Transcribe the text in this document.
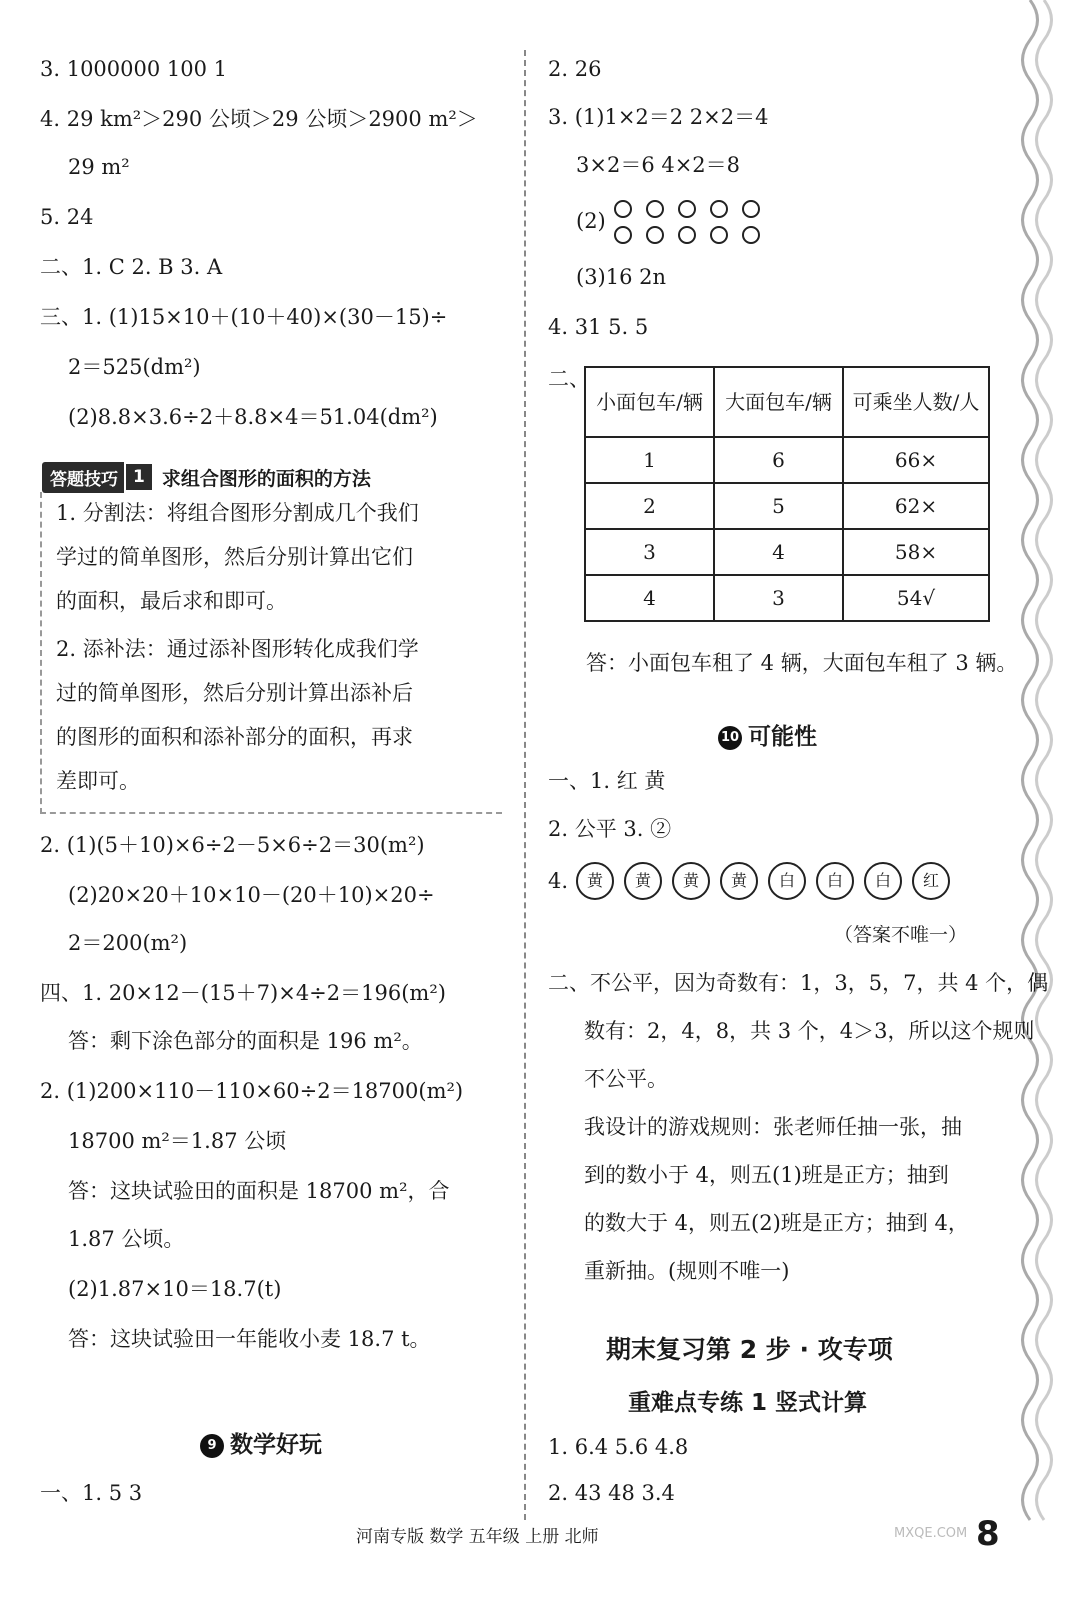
3. 1000000 100 1
4. 29 km²＞290 公顷＞29 公顷＞2900 m²＞
29 m²
5. 24
二、1. C 2. B 3. A
三、1. (1)15×10＋(10＋40)×(30－15)÷
2＝525(dm²)
(2)8.8×3.6÷2＋8.8×4＝51.04(dm²)
答题技巧 1 求组合图形的面积的方法
1. 分割法：将组合图形分割成几个我们
学过的简单图形，然后分别计算出它们
的面积，最后求和即可。
2. 添补法：通过添补图形转化成我们学
过的简单图形，然后分别计算出添补后
的图形的面积和添补部分的面积，再求
差即可。
2. (1)(5＋10)×6÷2－5×6÷2＝30(m²)
(2)20×20＋10×10－(20＋10)×20÷
2＝200(m²)
四、1. 20×12－(15＋7)×4÷2＝196(m²)
答：剩下涂色部分的面积是 196 m²。
2. (1)200×110－110×60÷2＝18700(m²)
18700 m²＝1.87 公顷
答：这块试验田的面积是 18700 m²，合
1.87 公顷。
(2)1.87×10＝18.7(t)
答：这块试验田一年能收小麦 18.7 t。
9 数学好玩
一、1. 5 3
2. 26
3. (1)1×2＝2 2×2＝4
3×2＝6 4×2＝8
(2)
(3)16 2n
4. 31 5. 5
二、
小面包车/辆	大面包车/辆	可乘坐人数/人
1	6	66×
2	5	62×
3	4	58×
4	3	54√
答：小面包车租了 4 辆，大面包车租了 3 辆。
10 可能性
一、1. 红 黄
2. 公平 3. ②
4.	黄 黄 黄 黄 白 白 白 红
（答案不唯一）
二、不公平，因为奇数有：1，3，5，7，共 4 个，偶
数有：2，4，8，共 3 个，4＞3，所以这个规则
不公平。
我设计的游戏规则：张老师任抽一张，抽
到的数小于 4，则五(1)班是正方；抽到
的数大于 4，则五(2)班是正方；抽到 4，
重新抽。(规则不唯一)
期末复习第 2 步 · 攻专项
重难点专练 1 竖式计算
1. 6.4 5.6 4.8
2. 43 48 3.4
河南专版 数学 五年级 上册 北师	8
MXQE.COM
